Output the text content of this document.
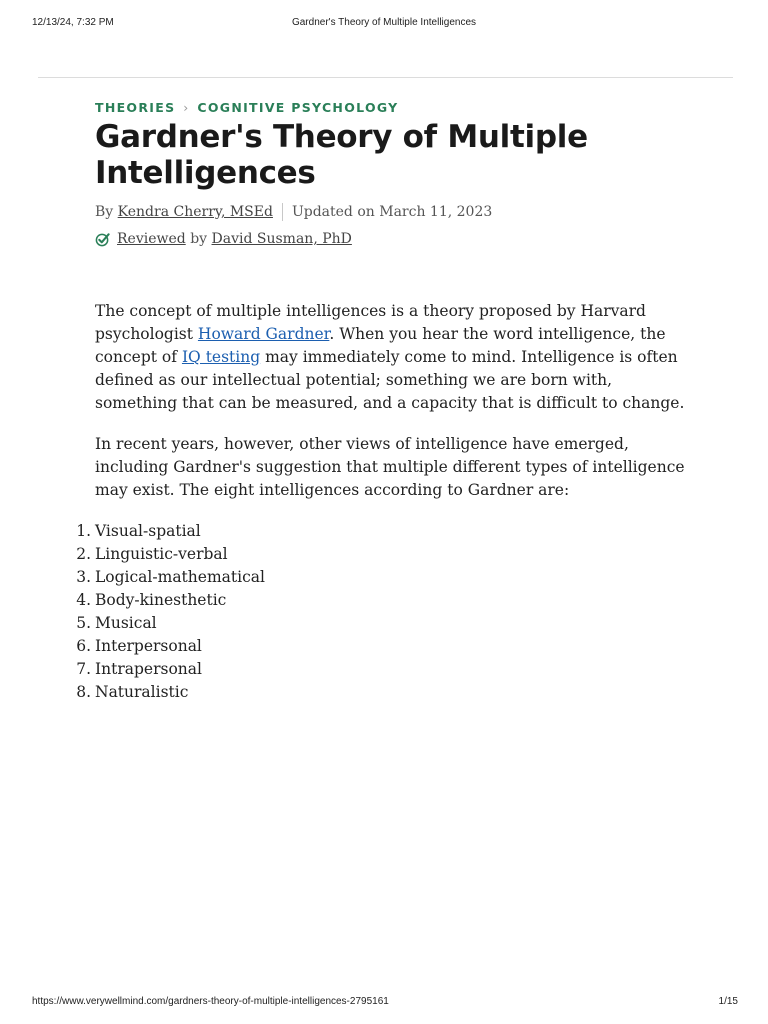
12/13/24, 7:32 PM	Gardner's Theory of Multiple Intelligences
THEORIES › COGNITIVE PSYCHOLOGY
Gardner's Theory of Multiple Intelligences
By
Kendra Cherry, MSEd Updated on March 11, 2023
Reviewed
by
David Susman, PhD

The concept of multiple intelligences is a theory proposed by Harvard psychologist Howard Gardner. When you hear the word intelligence, the concept of IQ testing may immediately come to mind. Intelligence is often defined as our intellectual potential; something we are born with, something that can be measured, and a capacity that is difficult to change.

In recent years, however, other views of intelligence have emerged, including Gardner's suggestion that multiple different types of intelligence may exist. The eight intelligences according to Gardner are:

Visual-spatial
Linguistic-verbal
Logical-mathematical
Body-kinesthetic
Musical
Interpersonal
Intrapersonal
Naturalistic
https://www.verywellmind.com/gardners-theory-of-multiple-intelligences-2795161	1/15
